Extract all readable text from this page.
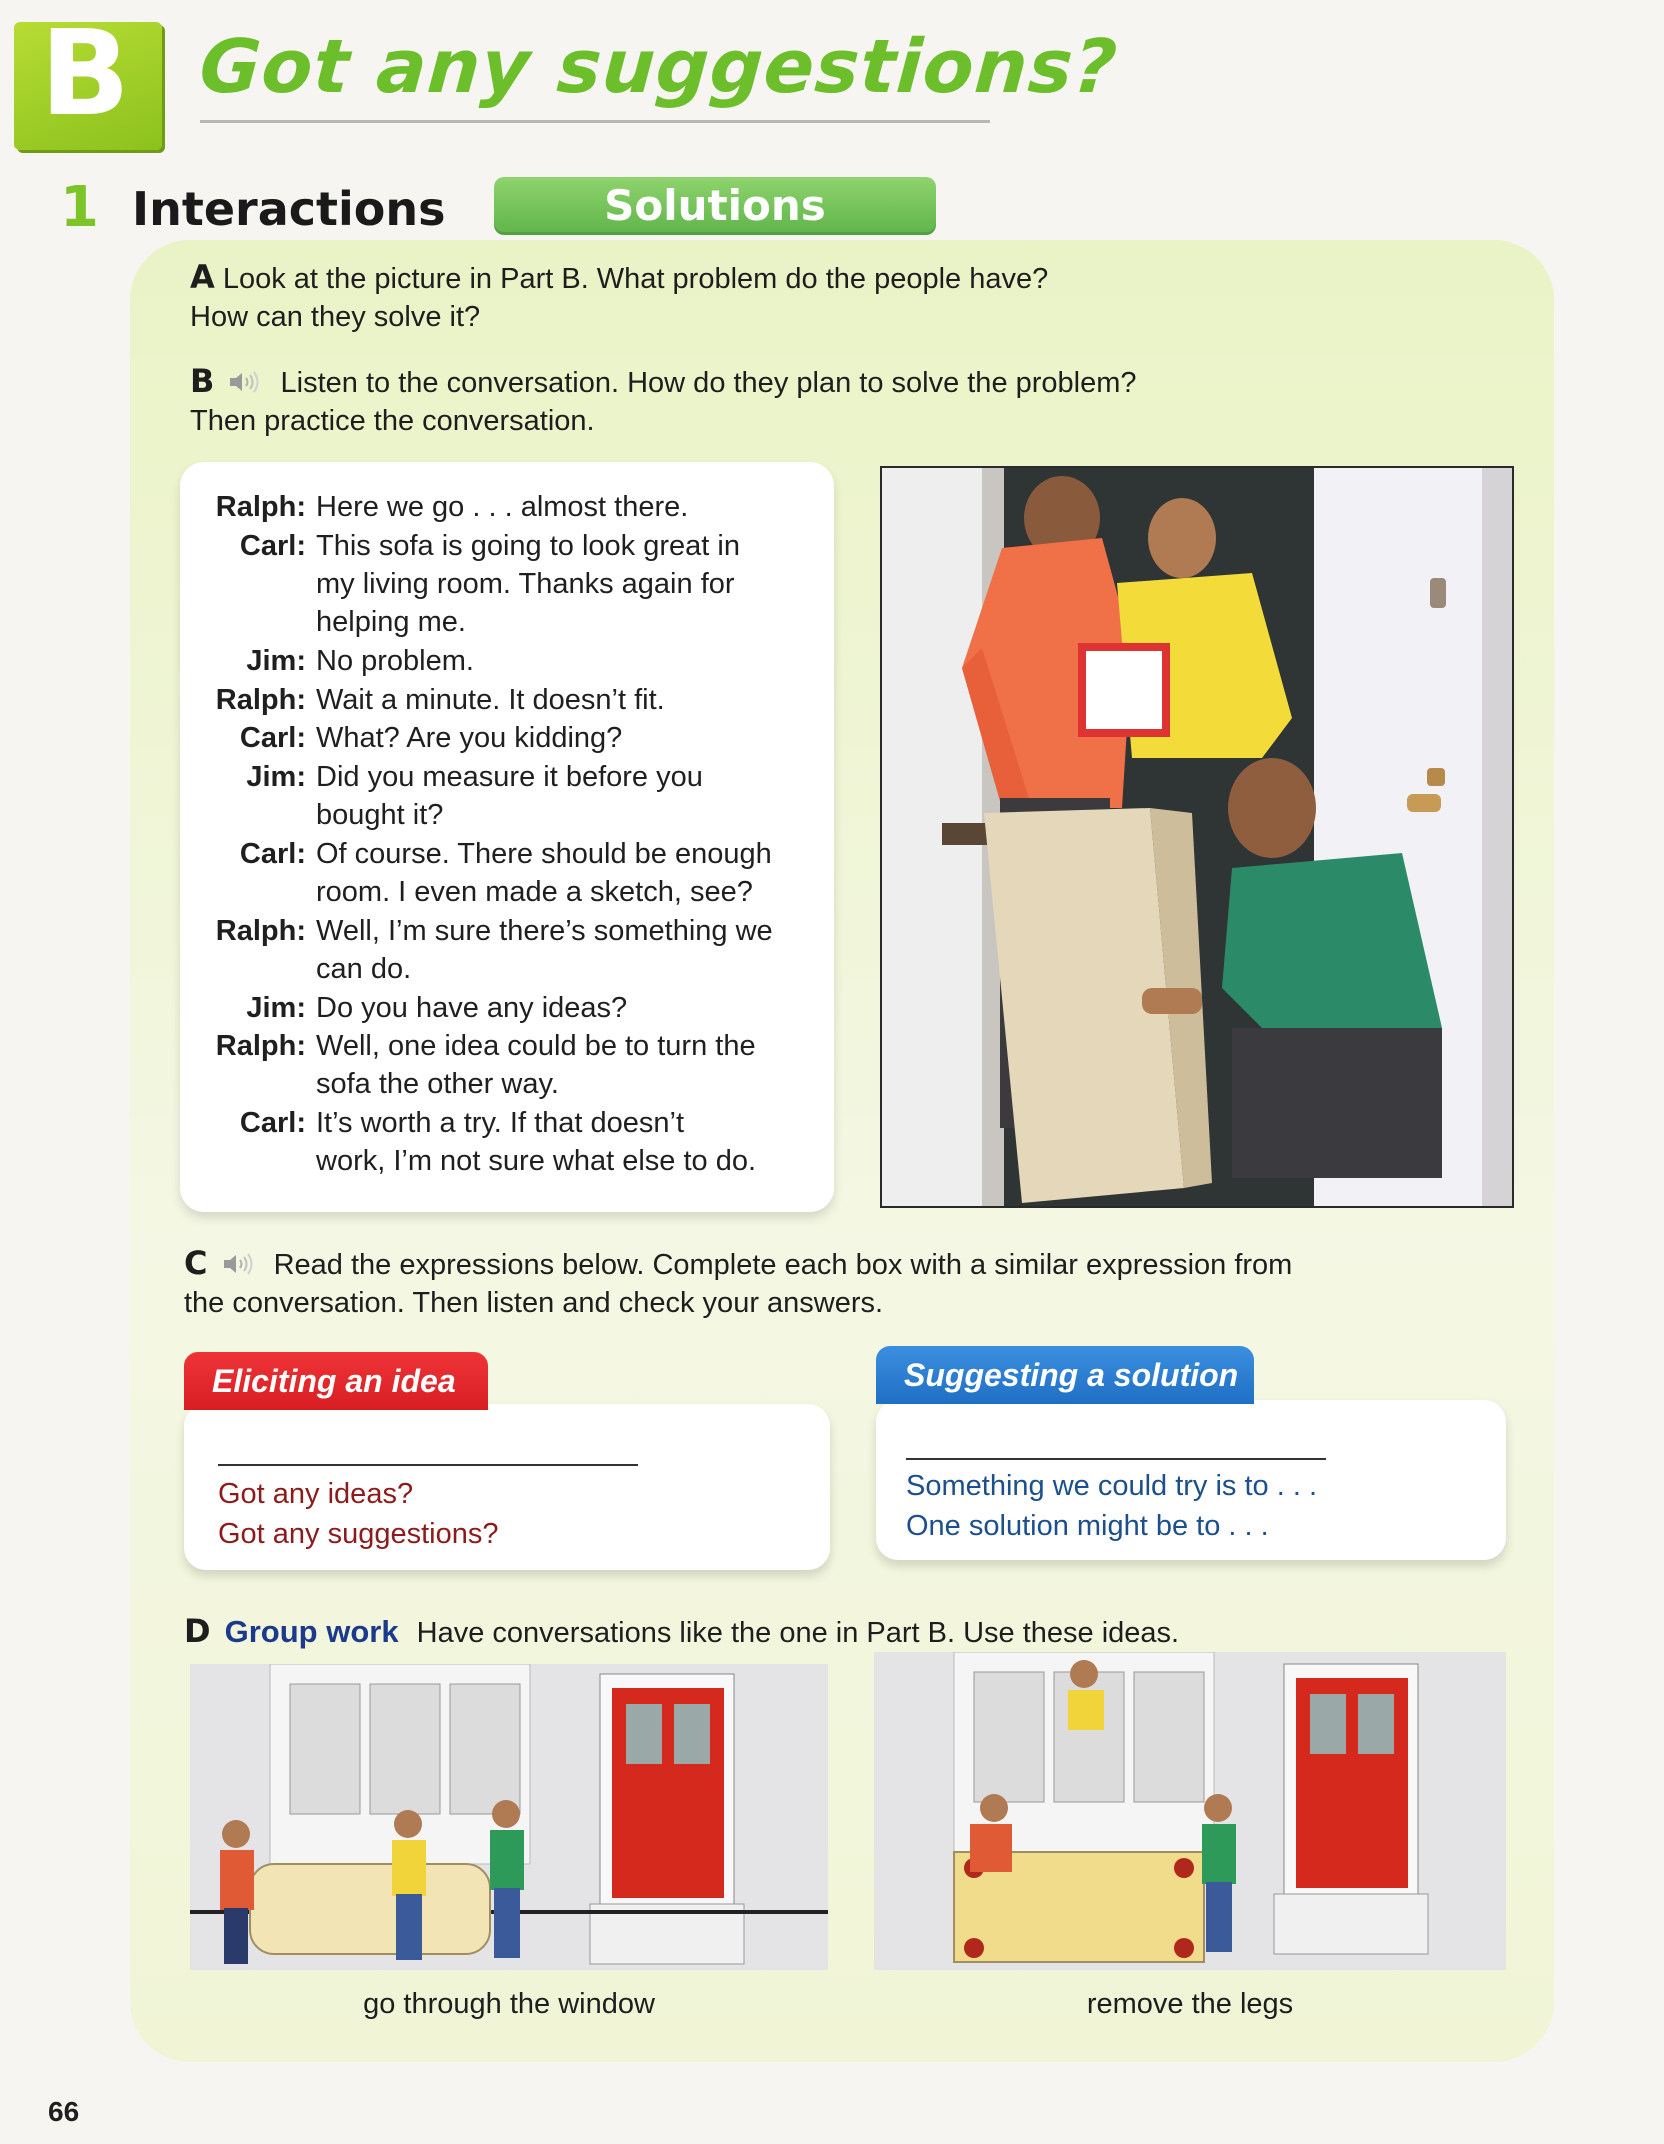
B Got any suggestions?
1 Interactions	Solutions
A Look at the picture in Part B. What problem do the people have?
How can they solve it?
B Listen to the conversation. How do they plan to solve the problem?
Then practice the conversation.
Ralph: Here we go . . . almost there.
Carl: This sofa is going to look great in
my living room. Thanks again for
helping me.
Jim: No problem.
Ralph: Wait a minute. It doesn’t fit.
Carl: What? Are you kidding?
Jim: Did you measure it before you
bought it?
Carl: Of course. There should be enough
room. I even made a sketch, see?
Ralph: Well, I’m sure there’s something we
can do.
Jim: Do you have any ideas?
Ralph: Well, one idea could be to turn the
sofa the other way.
Carl: It’s worth a try. If that doesn’t
work, I’m not sure what else to do.
C Read the expressions below. Complete each box with a similar expression from
the conversation. Then listen and check your answers.
Got any ideas?
Got any suggestions?
Eliciting an idea
Something we could try is to . . .
One solution might be to . . .
Suggesting a solution
D Group work Have conversations like the one in Part B. Use these ideas.
go through the window	remove the legs
66
